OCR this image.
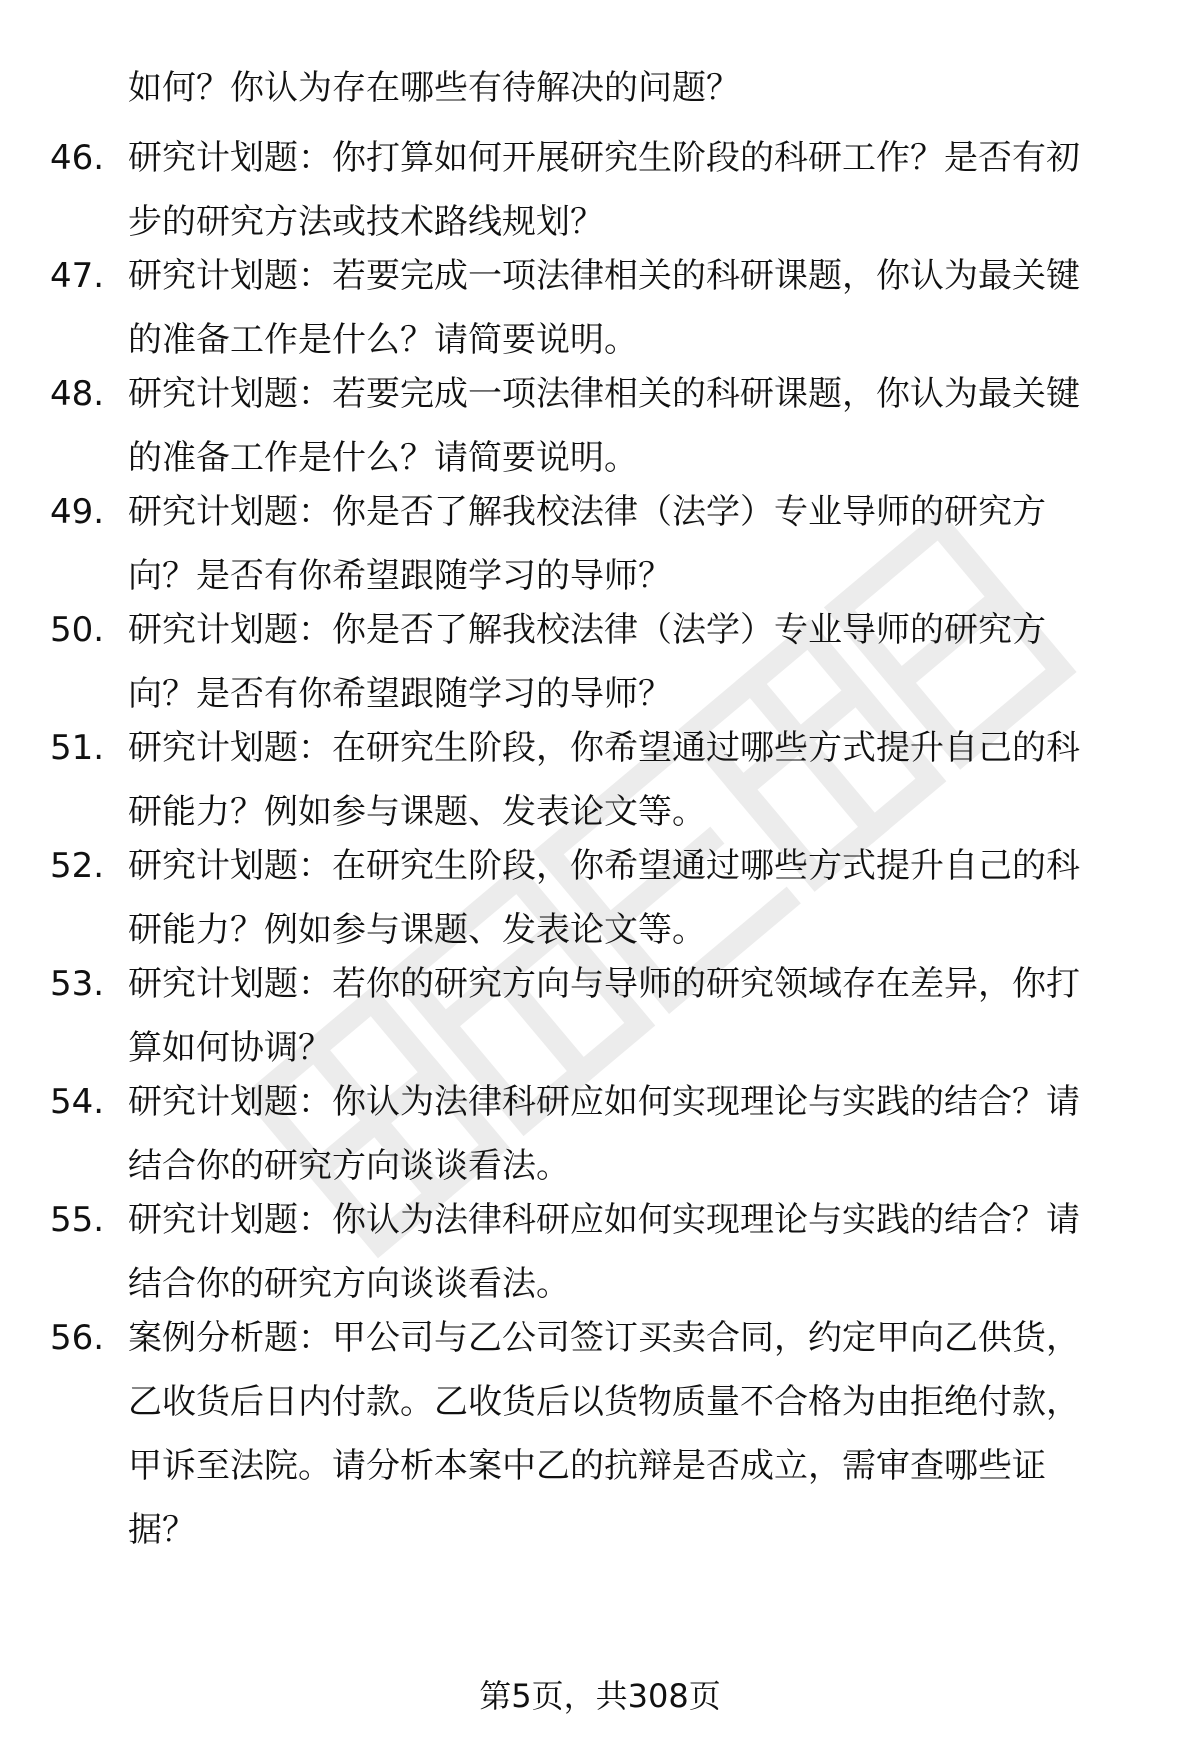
如何？你认为存在哪些有待解决的问题？
46. 研究计划题：你打算如何开展研究生阶段的科研工作？是否有初
步的研究方法或技术路线规划？
47. 研究计划题：若要完成一项法律相关的科研课题，你认为最关键
的准备工作是什么？请简要说明。
48. 研究计划题：若要完成一项法律相关的科研课题，你认为最关键
的准备工作是什么？请简要说明。
49. 研究计划题：你是否了解我校法律（法学）专业导师的研究方
向？是否有你希望跟随学习的导师？
50. 研究计划题：你是否了解我校法律（法学）专业导师的研究方
向？是否有你希望跟随学习的导师？
51. 研究计划题：在研究生阶段，你希望通过哪些方式提升自己的科
研能力？例如参与课题、发表论文等。
52. 研究计划题：在研究生阶段，你希望通过哪些方式提升自己的科
研能力？例如参与课题、发表论文等。
53. 研究计划题：若你的研究方向与导师的研究领域存在差异，你打
算如何协调？
54. 研究计划题：你认为法律科研应如何实现理论与实践的结合？请
结合你的研究方向谈谈看法。
55. 研究计划题：你认为法律科研应如何实现理论与实践的结合？请
结合你的研究方向谈谈看法。
56. 案例分析题：甲公司与乙公司签订买卖合同，约定甲向乙供货，
乙收货后日内付款。乙收货后以货物质量不合格为由拒绝付款，
甲诉至法院。请分析本案中乙的抗辩是否成立，需审查哪些证
据？
第5页，共308页
